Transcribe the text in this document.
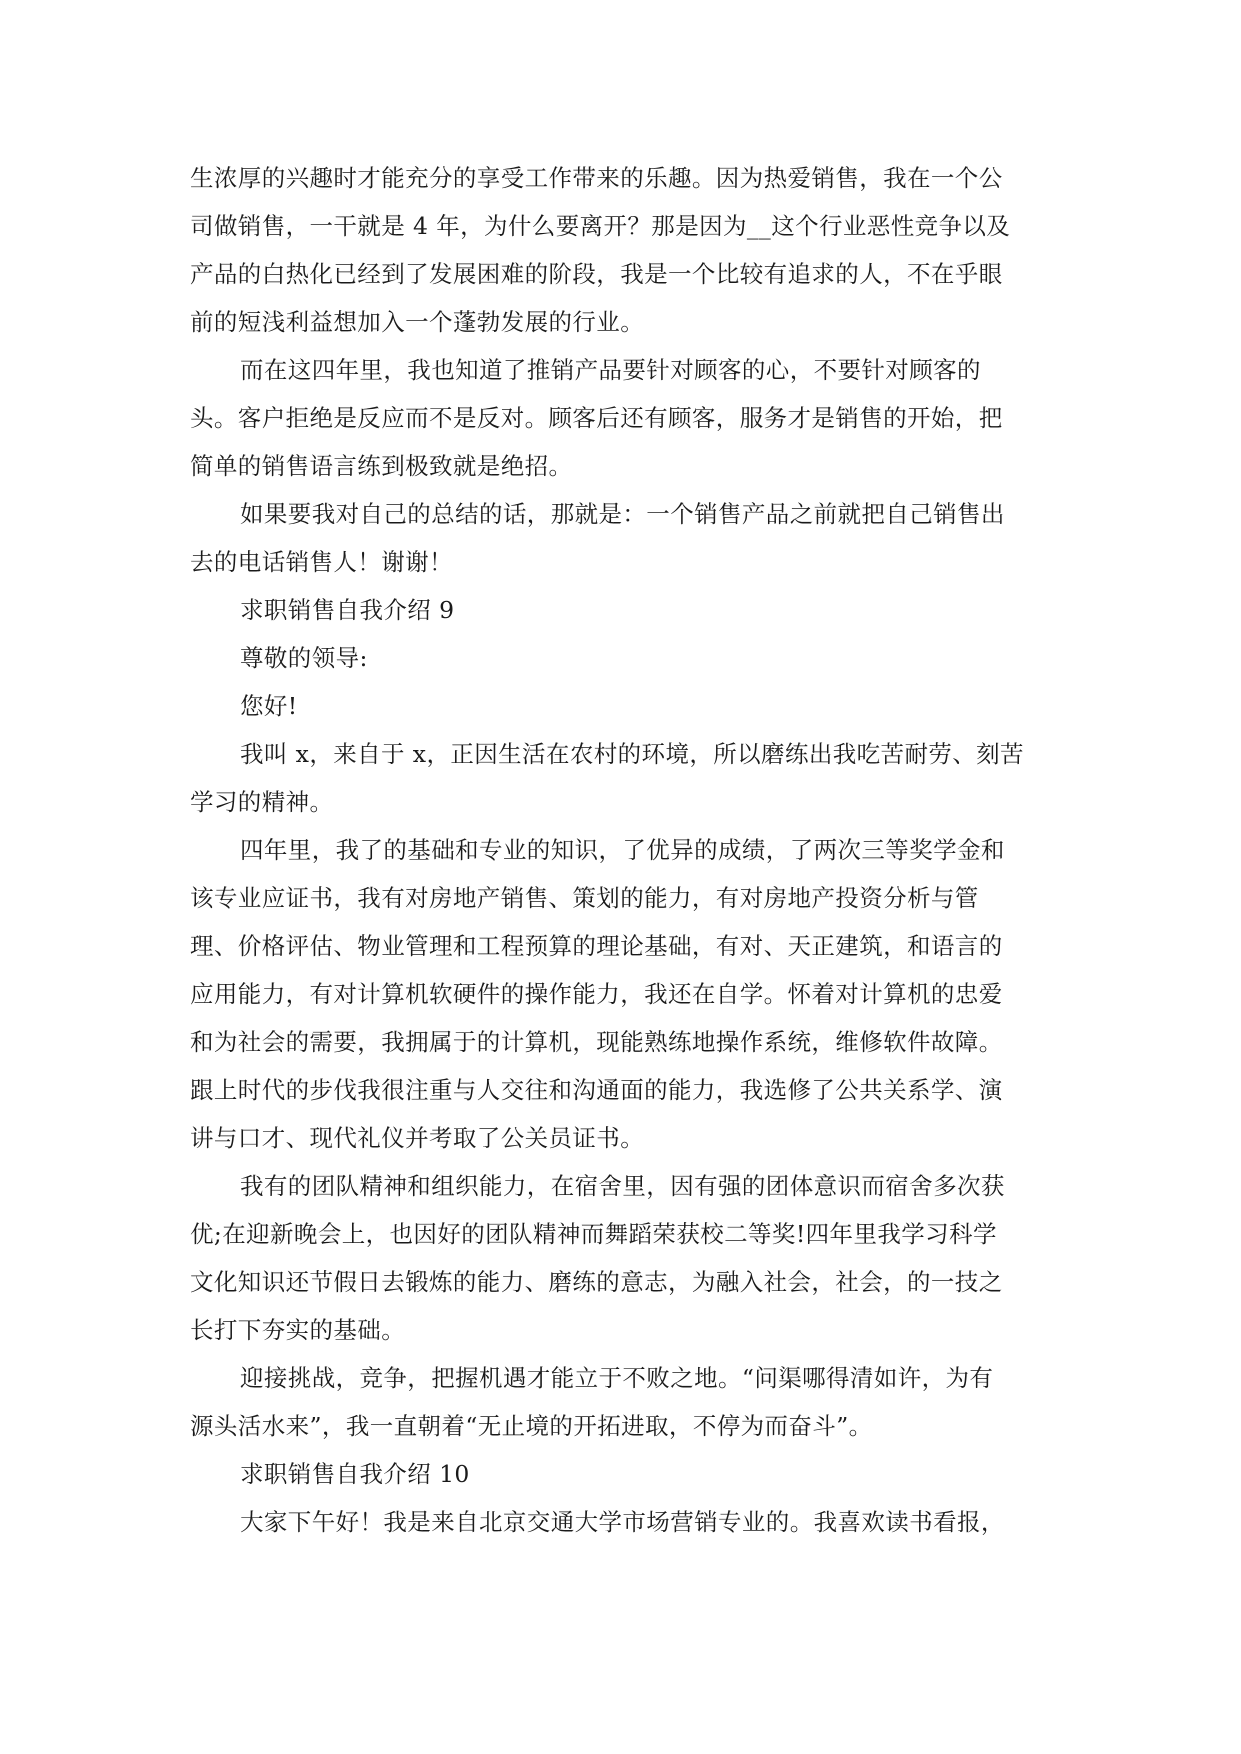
生浓厚的兴趣时才能充分的享受工作带来的乐趣。因为热爱销售，我在一个公
司做销售，一干就是 4 年，为什么要离开？那是因为__这个行业恶性竞争以及
产品的白热化已经到了发展困难的阶段，我是一个比较有追求的人，不在乎眼
前的短浅利益想加入一个蓬勃发展的行业。
而在这四年里，我也知道了推销产品要针对顾客的心，不要针对顾客的
头。客户拒绝是反应而不是反对。顾客后还有顾客，服务才是销售的开始，把
简单的销售语言练到极致就是绝招。
如果要我对自己的总结的话，那就是：一个销售产品之前就把自己销售出
去的电话销售人！谢谢！
求职销售自我介绍 9
尊敬的领导:
您好!
我叫 x，来自于 x，正因生活在农村的环境，所以磨练出我吃苦耐劳、刻苦
学习的精神。
四年里，我了的基础和专业的知识，了优异的成绩，了两次三等奖学金和
该专业应证书，我有对房地产销售、策划的能力，有对房地产投资分析与管
理、价格评估、物业管理和工程预算的理论基础，有对、天正建筑，和语言的
应用能力，有对计算机软硬件的操作能力，我还在自学。怀着对计算机的忠爱
和为社会的需要，我拥属于的计算机，现能熟练地操作系统，维修软件故障。
跟上时代的步伐我很注重与人交往和沟通面的能力，我选修了公共关系学、演
讲与口才、现代礼仪并考取了公关员证书。
我有的团队精神和组织能力，在宿舍里，因有强的团体意识而宿舍多次获
优;在迎新晚会上，也因好的团队精神而舞蹈荣获校二等奖!四年里我学习科学
文化知识还节假日去锻炼的能力、磨练的意志，为融入社会，社会，的一技之
长打下夯实的基础。
迎接挑战，竞争，把握机遇才能立于不败之地。“问渠哪得清如许，为有
源头活水来”，我一直朝着“无止境的开拓进取，不停为而奋斗”。
求职销售自我介绍 10
大家下午好！我是来自北京交通大学市场营销专业的。我喜欢读书看报，
